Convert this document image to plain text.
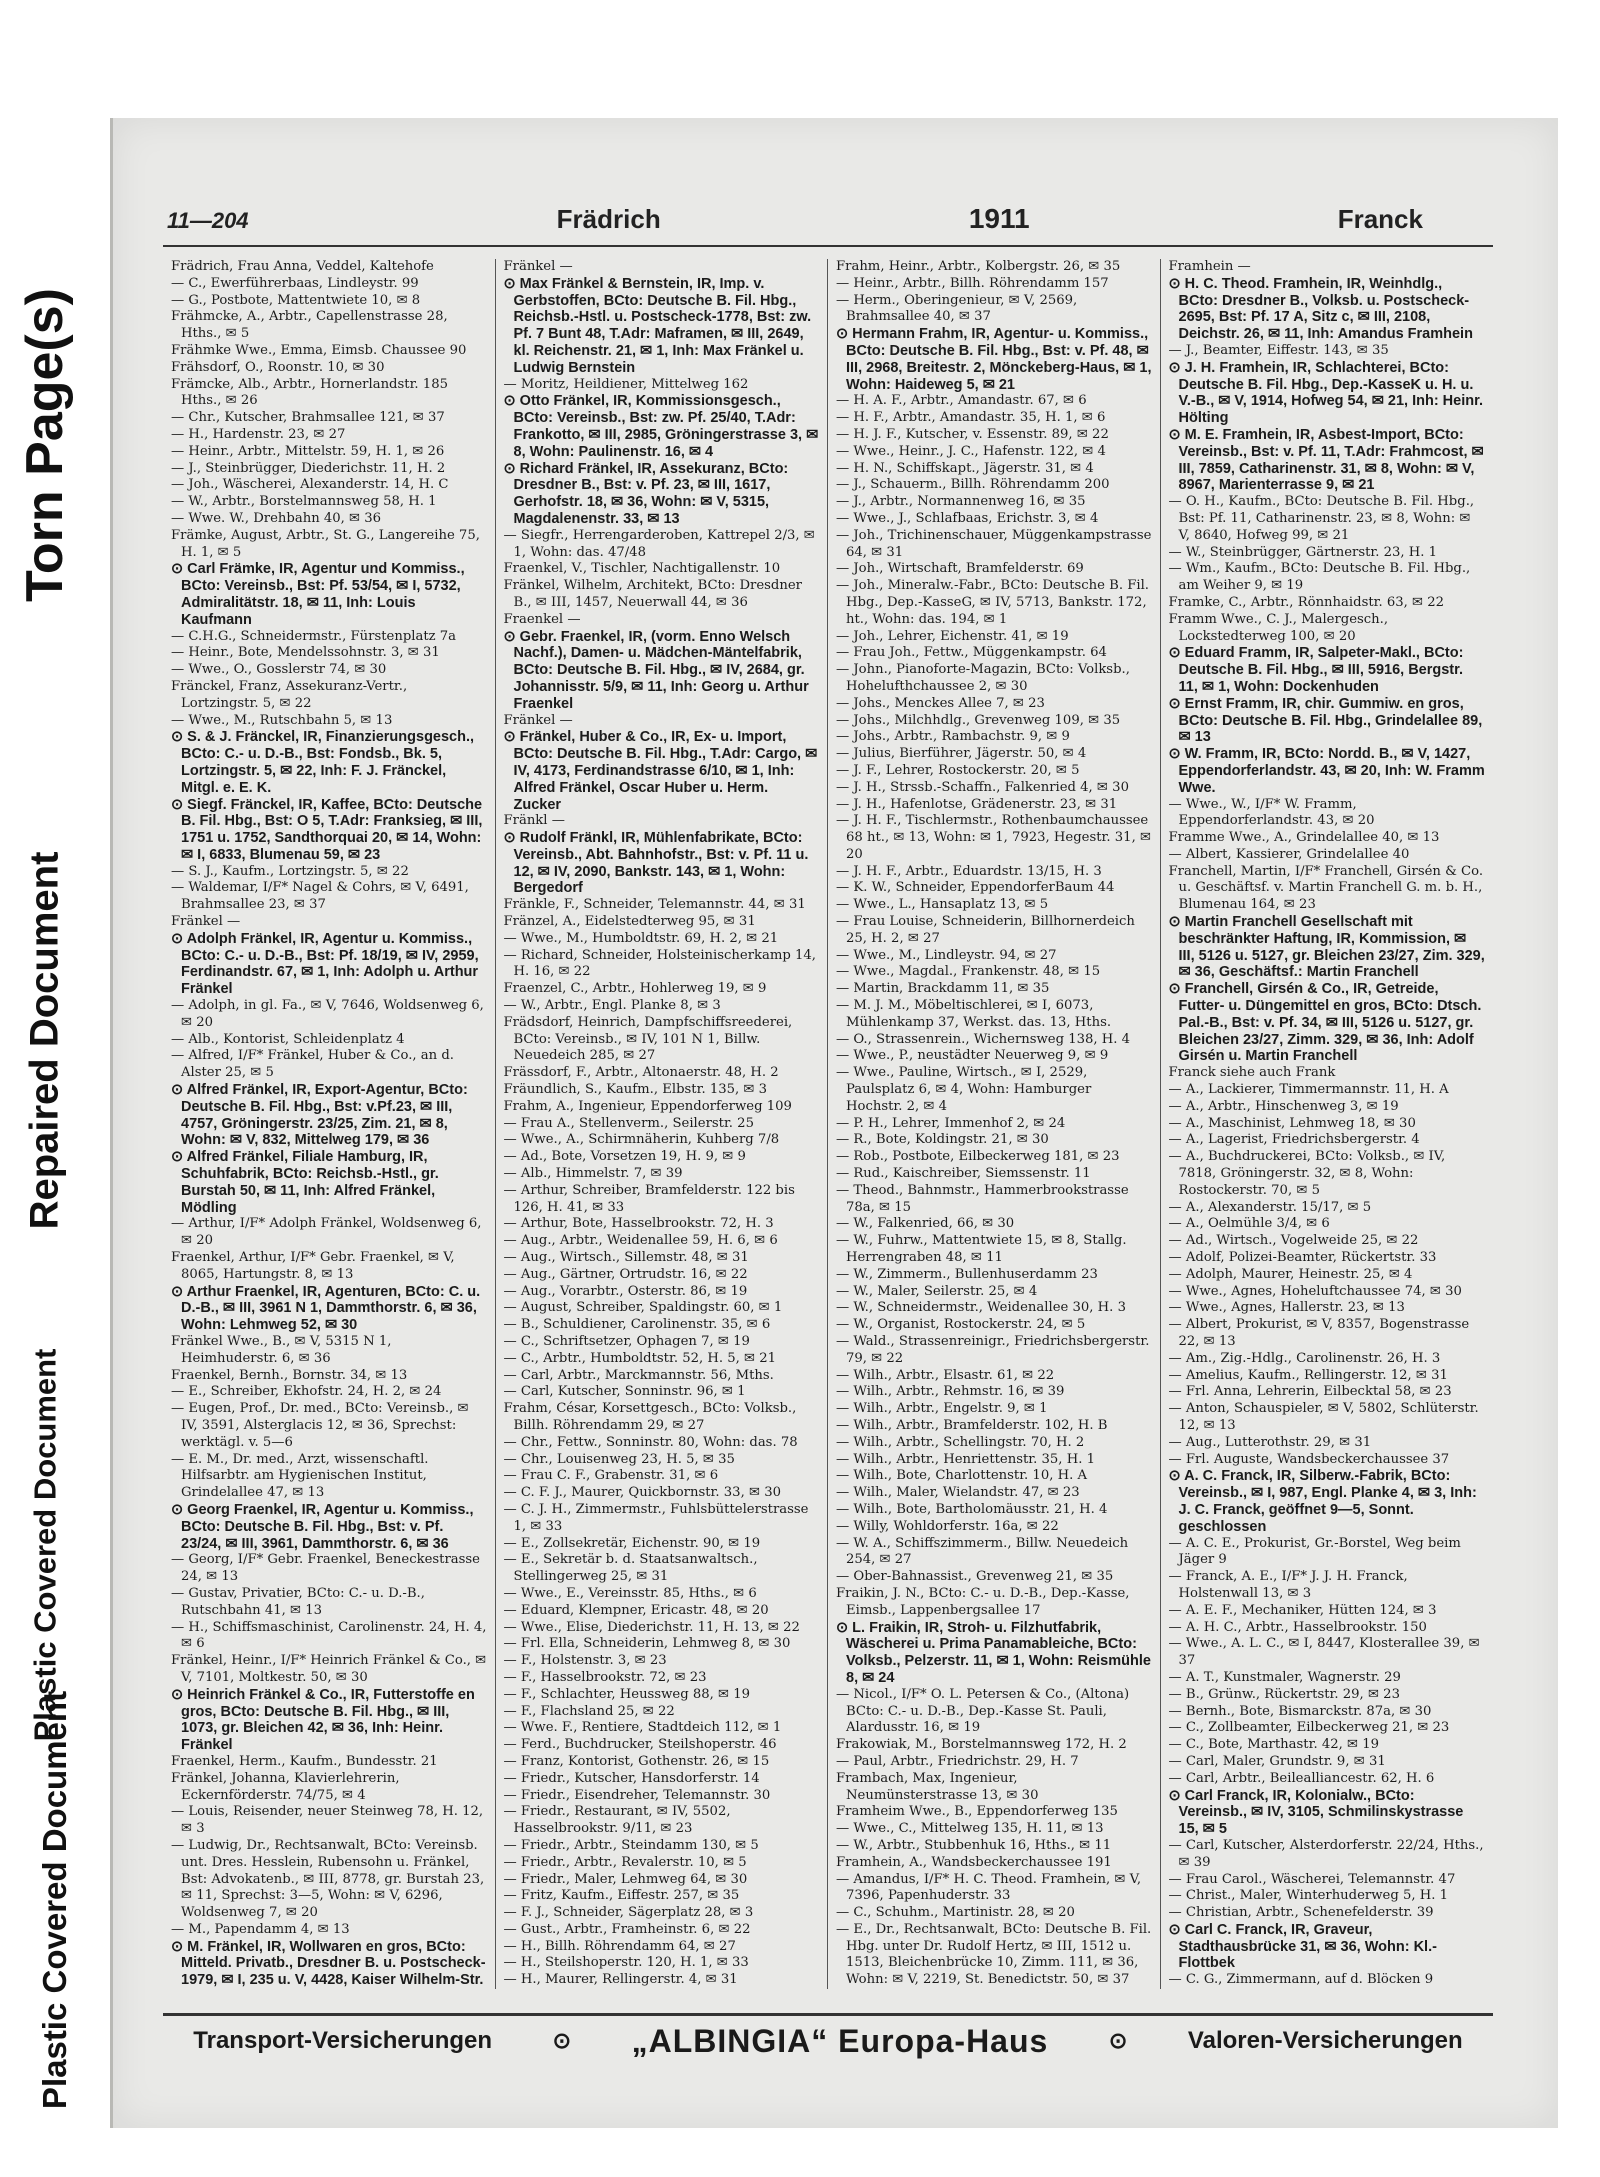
Torn Page(s)
Repaired Document
Plastic Covered Document
Plastic Covered Document
11—204	Frädrich	1911	Franck
Frädrich, Frau Anna, Veddel, Kaltehofe
— C., Ewerführerbaas, Lindleystr. 99
— G., Postbote, Mattentwiete 10, ✉ 8
Frähmcke, A., Arbtr., Capellenstrasse 28, Hths., ✉ 5
Frähmke Wwe., Emma, Eimsb. Chaussee 90
Frähsdorf, O., Roonstr. 10, ✉ 30
Främcke, Alb., Arbtr., Hornerlandstr. 185 Hths., ✉ 26
— Chr., Kutscher, Brahmsallee 121, ✉ 37
— H., Hardenstr. 23, ✉ 27
— Heinr., Arbtr., Mittelstr. 59, H. 1, ✉ 26
— J., Steinbrügger, Diederichstr. 11, H. 2
— Joh., Wäscherei, Alexanderstr. 14, H. C
— W., Arbtr., Borstelmannsweg 58, H. 1
— Wwe. W., Drehbahn 40, ✉ 36
Främke, August, Arbtr., St. G., Langereihe 75, H. 1, ✉ 5
⊙ Carl Främke, IR, Agentur und Kommiss., BCto: Vereinsb., Bst: Pf. 53/54, ✉ I, 5732, Admiralitätstr. 18, ✉ 11, Inh: Louis Kaufmann
— C.H.G., Schneidermstr., Fürstenplatz 7a
— Heinr., Bote, Mendelssohnstr. 3, ✉ 31
— Wwe., O., Gosslerstr 74, ✉ 30
Fränckel, Franz, Assekuranz-Vertr., Lortzingstr. 5, ✉ 22
— Wwe., M., Rutschbahn 5, ✉ 13
⊙ S. & J. Fränckel, IR, Finanzierungsgesch., BCto: C.- u. D.-B., Bst: Fondsb., Bk. 5, Lortzingstr. 5, ✉ 22, Inh: F. J. Fränckel, Mitgl. e. E. K.
⊙ Siegf. Fränckel, IR, Kaffee, BCto: Deutsche B. Fil. Hbg., Bst: O 5, T.Adr: Franksieg, ✉ III, 1751 u. 1752, Sandthorquai 20, ✉ 14, Wohn: ✉ I, 6833, Blumenau 59, ✉ 23
— S. J., Kaufm., Lortzingstr. 5, ✉ 22
— Waldemar, I/F* Nagel & Cohrs, ✉ V, 6491, Brahmsallee 23, ✉ 37
Fränkel —
⊙ Adolph Fränkel, IR, Agentur u. Kommiss., BCto: C.- u. D.-B., Bst: Pf. 18/19, ✉ IV, 2959, Ferdinandstr. 67, ✉ 1, Inh: Adolph u. Arthur Fränkel
— Adolph, in gl. Fa., ✉ V, 7646, Woldsenweg 6, ✉ 20
— Alb., Kontorist, Schleidenplatz 4
— Alfred, I/F* Fränkel, Huber & Co., an d. Alster 25, ✉ 5
⊙ Alfred Fränkel, IR, Export-Agentur, BCto: Deutsche B. Fil. Hbg., Bst: v.Pf.23, ✉ III, 4757, Gröningerstr. 23/25, Zim. 21, ✉ 8, Wohn: ✉ V, 832, Mittelweg 179, ✉ 36
⊙ Alfred Fränkel, Filiale Hamburg, IR, Schuhfabrik, BCto: Reichsb.-Hstl., gr. Burstah 50, ✉ 11, Inh: Alfred Fränkel, Mödling
— Arthur, I/F* Adolph Fränkel, Woldsenweg 6, ✉ 20
Fraenkel, Arthur, I/F* Gebr. Fraenkel, ✉ V, 8065, Hartungstr. 8, ✉ 13
⊙ Arthur Fraenkel, IR, Agenturen, BCto: C. u. D.-B., ✉ III, 3961 N 1, Dammthorstr. 6, ✉ 36, Wohn: Lehmweg 52, ✉ 30
Fränkel Wwe., B., ✉ V, 5315 N 1, Heimhuderstr. 6, ✉ 36
Fraenkel, Bernh., Bornstr. 34, ✉ 13
— E., Schreiber, Ekhofstr. 24, H. 2, ✉ 24
— Eugen, Prof., Dr. med., BCto: Vereinsb., ✉ IV, 3591, Alsterglacis 12, ✉ 36, Sprechst: werktägl. v. 5—6
— E. M., Dr. med., Arzt, wissenschaftl. Hilfsarbtr. am Hygienischen Institut, Grindelallee 47, ✉ 13
⊙ Georg Fraenkel, IR, Agentur u. Kommiss., BCto: Deutsche B. Fil. Hbg., Bst: v. Pf. 23/24, ✉ III, 3961, Dammthorstr. 6, ✉ 36
— Georg, I/F* Gebr. Fraenkel, Beneckestrasse 24, ✉ 13
— Gustav, Privatier, BCto: C.- u. D.-B., Rutschbahn 41, ✉ 13
— H., Schiffsmaschinist, Carolinenstr. 24, H. 4, ✉ 6
Fränkel, Heinr., I/F* Heinrich Fränkel & Co., ✉ V, 7101, Moltkestr. 50, ✉ 30
⊙ Heinrich Fränkel & Co., IR, Futterstoffe en gros, BCto: Deutsche B. Fil. Hbg., ✉ III, 1073, gr. Bleichen 42, ✉ 36, Inh: Heinr. Fränkel
Fraenkel, Herm., Kaufm., Bundesstr. 21
Fränkel, Johanna, Klavierlehrerin, Eckernförderstr. 74/75, ✉ 4
— Louis, Reisender, neuer Steinweg 78, H. 12, ✉ 3
— Ludwig, Dr., Rechtsanwalt, BCto: Vereinsb. unt. Dres. Hesslein, Rubensohn u. Fränkel, Bst: Advokatenb., ✉ III, 8778, gr. Burstah 23, ✉ 11, Sprechst: 3—5, Wohn: ✉ V, 6296, Woldsenweg 7, ✉ 20
— M., Papendamm 4, ✉ 13
⊙ M. Fränkel, IR, Wollwaren en gros, BCto: Mitteld. Privatb., Dresdner B. u. Postscheck-1979, ✉ I, 235 u. V, 4428, Kaiser Wilhelm-Str.
Fränkel —
⊙ Max Fränkel & Bernstein, IR, Imp. v. Gerbstoffen, BCto: Deutsche B. Fil. Hbg., Reichsb.-Hstl. u. Postscheck-1778, Bst: zw. Pf. 7 Bunt 48, T.Adr: Maframen, ✉ III, 2649, kl. Reichenstr. 21, ✉ 1, Inh: Max Fränkel u. Ludwig Bernstein
— Moritz, Heildiener, Mittelweg 162
⊙ Otto Fränkel, IR, Kommissionsgesch., BCto: Vereinsb., Bst: zw. Pf. 25/40, T.Adr: Frankotto, ✉ III, 2985, Gröningerstrasse 3, ✉ 8, Wohn: Paulinenstr. 16, ✉ 4
⊙ Richard Fränkel, IR, Assekuranz, BCto: Dresdner B., Bst: v. Pf. 23, ✉ III, 1617, Gerhofstr. 18, ✉ 36, Wohn: ✉ V, 5315, Magdalenenstr. 33, ✉ 13
— Siegfr., Herrengarderoben, Kattrepel 2/3, ✉ 1, Wohn: das. 47/48
Fraenkel, V., Tischler, Nachtigallenstr. 10
Fränkel, Wilhelm, Architekt, BCto: Dresdner B., ✉ III, 1457, Neuerwall 44, ✉ 36
Fraenkel —
⊙ Gebr. Fraenkel, IR, (vorm. Enno Welsch Nachf.), Damen- u. Mädchen-Mäntelfabrik, BCto: Deutsche B. Fil. Hbg., ✉ IV, 2684, gr. Johannisstr. 5/9, ✉ 11, Inh: Georg u. Arthur Fraenkel
Fränkel —
⊙ Fränkel, Huber & Co., IR, Ex- u. Import, BCto: Deutsche B. Fil. Hbg., T.Adr: Cargo, ✉ IV, 4173, Ferdinandstrasse 6/10, ✉ 1, Inh: Alfred Fränkel, Oscar Huber u. Herm. Zucker
Fränkl —
⊙ Rudolf Fränkl, IR, Mühlenfabrikate, BCto: Vereinsb., Abt. Bahnhofstr., Bst: v. Pf. 11 u. 12, ✉ IV, 2090, Bankstr. 143, ✉ 1, Wohn: Bergedorf
Fränkle, F., Schneider, Telemannstr. 44, ✉ 31
Fränzel, A., Eidelstedterweg 95, ✉ 31
— Wwe., M., Humboldtstr. 69, H. 2, ✉ 21
— Richard, Schneider, Holsteinischerkamp 14, H. 16, ✉ 22
Fraenzel, C., Arbtr., Hohlerweg 19, ✉ 9
— W., Arbtr., Engl. Planke 8, ✉ 3
Frädsdorf, Heinrich, Dampfschiffsreederei, BCto: Vereinsb., ✉ IV, 101 N 1, Billw. Neuedeich 285, ✉ 27
Frässdorf, F., Arbtr., Altonaerstr. 48, H. 2
Fräundlich, S., Kaufm., Elbstr. 135, ✉ 3
Frahm, A., Ingenieur, Eppendorferweg 109
— Frau A., Stellenverm., Seilerstr. 25
— Wwe., A., Schirmnäherin, Kuhberg 7/8
— Ad., Bote, Vorsetzen 19, H. 9, ✉ 9
— Alb., Himmelstr. 7, ✉ 39
— Arthur, Schreiber, Bramfelderstr. 122 bis 126, H. 41, ✉ 33
— Arthur, Bote, Hasselbrookstr. 72, H. 3
— Aug., Arbtr., Weidenallee 59, H. 6, ✉ 6
— Aug., Wirtsch., Sillemstr. 48, ✉ 31
— Aug., Gärtner, Ortrudstr. 16, ✉ 22
— Aug., Vorarbtr., Osterstr. 86, ✉ 19
— August, Schreiber, Spaldingstr. 60, ✉ 1
— B., Schuldiener, Carolinenstr. 35, ✉ 6
— C., Schriftsetzer, Ophagen 7, ✉ 19
— C., Arbtr., Humboldtstr. 52, H. 5, ✉ 21
— Carl, Arbtr., Marckmannstr. 56, Mths.
— Carl, Kutscher, Sonninstr. 96, ✉ 1
Frahm, César, Korsettgesch., BCto: Volksb., Billh. Röhrendamm 29, ✉ 27
— Chr., Fettw., Sonninstr. 80, Wohn: das. 78
— Chr., Louisenweg 23, H. 5, ✉ 35
— Frau C. F., Grabenstr. 31, ✉ 6
— C. F. J., Maurer, Quickbornstr. 33, ✉ 30
— C. J. H., Zimmermstr., Fuhlsbüttelerstrasse 1, ✉ 33
— E., Zollsekretär, Eichenstr. 90, ✉ 19
— E., Sekretär b. d. Staatsanwaltsch., Stellingerweg 25, ✉ 31
— Wwe., E., Vereinsstr. 85, Hths., ✉ 6
— Eduard, Klempner, Ericastr. 48, ✉ 20
— Wwe., Elise, Diederichstr. 11, H. 13, ✉ 22
— Frl. Ella, Schneiderin, Lehmweg 8, ✉ 30
— F., Holstenstr. 3, ✉ 23
— F., Hasselbrookstr. 72, ✉ 23
— F., Schlachter, Heussweg 88, ✉ 19
— F., Flachsland 25, ✉ 22
— Wwe. F., Rentiere, Stadtdeich 112, ✉ 1
— Ferd., Buchdrucker, Steilshoperstr. 46
— Franz, Kontorist, Gothenstr. 26, ✉ 15
— Friedr., Kutscher, Hansdorferstr. 14
— Friedr., Eisendreher, Telemannstr. 30
— Friedr., Restaurant, ✉ IV, 5502, Hasselbrookstr. 9/11, ✉ 23
— Friedr., Arbtr., Steindamm 130, ✉ 5
— Friedr., Arbtr., Revalerstr. 10, ✉ 5
— Friedr., Maler, Lehmweg 64, ✉ 30
— Fritz, Kaufm., Eiffestr. 257, ✉ 35
— F. J., Schneider, Sägerplatz 28, ✉ 3
— Gust., Arbtr., Framheinstr. 6, ✉ 22
— H., Billh. Röhrendamm 64, ✉ 27
— H., Steilshoperstr. 120, H. 1, ✉ 33
— H., Maurer, Rellingerstr. 4, ✉ 31
Frahm, Heinr., Arbtr., Kolbergstr. 26, ✉ 35
— Heinr., Arbtr., Billh. Röhrendamm 157
— Herm., Oberingenieur, ✉ V, 2569, Brahmsallee 40, ✉ 37
⊙ Hermann Frahm, IR, Agentur- u. Kommiss., BCto: Deutsche B. Fil. Hbg., Bst: v. Pf. 48, ✉ III, 2968, Breitestr. 2, Mönckeberg-Haus, ✉ 1, Wohn: Haideweg 5, ✉ 21
— H. A. F., Arbtr., Amandastr. 67, ✉ 6
— H. F., Arbtr., Amandastr. 35, H. 1, ✉ 6
— H. J. F., Kutscher, v. Essenstr. 89, ✉ 22
— Wwe., Heinr., J. C., Hafenstr. 122, ✉ 4
— H. N., Schiffskapt., Jägerstr. 31, ✉ 4
— J., Schauerm., Billh. Röhrendamm 200
— J., Arbtr., Normannenweg 16, ✉ 35
— Wwe., J., Schlafbaas, Erichstr. 3, ✉ 4
— Joh., Trichinenschauer, Müggenkampstrasse 64, ✉ 31
— Joh., Wirtschaft, Bramfelderstr. 69
— Joh., Mineralw.-Fabr., BCto: Deutsche B. Fil. Hbg., Dep.-KasseG, ✉ IV, 5713, Bankstr. 172, ht., Wohn: das. 194, ✉ 1
— Joh., Lehrer, Eichenstr. 41, ✉ 19
— Frau Joh., Fettw., Müggenkampstr. 64
— John., Pianoforte-Magazin, BCto: Volksb., Hohelufthchaussee 2, ✉ 30
— Johs., Menckes Allee 7, ✉ 23
— Johs., Milchhdlg., Grevenweg 109, ✉ 35
— Johs., Arbtr., Rambachstr. 9, ✉ 9
— Julius, Bierführer, Jägerstr. 50, ✉ 4
— J. F., Lehrer, Rostockerstr. 20, ✉ 5
— J. H., Strssb.-Schaffn., Falkenried 4, ✉ 30
— J. H., Hafenlotse, Grädenerstr. 23, ✉ 31
— J. H. F., Tischlermstr., Rothenbaumchaussee 68 ht., ✉ 13, Wohn: ✉ 1, 7923, Hegestr. 31, ✉ 20
— J. H. F., Arbtr., Eduardstr. 13/15, H. 3
— K. W., Schneider, EppendorferBaum 44
— Wwe., L., Hansaplatz 13, ✉ 5
— Frau Louise, Schneiderin, Billhornerdeich 25, H. 2, ✉ 27
— Wwe., M., Lindleystr. 94, ✉ 27
— Wwe., Magdal., Frankenstr. 48, ✉ 15
— Martin, Brackdamm 11, ✉ 35
— M. J. M., Möbeltischlerei, ✉ I, 6073, Mühlenkamp 37, Werkst. das. 13, Hths.
— O., Strassenrein., Wichernsweg 138, H. 4
— Wwe., P., neustädter Neuerweg 9, ✉ 9
— Wwe., Pauline, Wirtsch., ✉ I, 2529, Paulsplatz 6, ✉ 4, Wohn: Hamburger Hochstr. 2, ✉ 4
— P. H., Lehrer, Immenhof 2, ✉ 24
— R., Bote, Koldingstr. 21, ✉ 30
— Rob., Postbote, Eilbeckerweg 181, ✉ 23
— Rud., Kaischreiber, Siemssenstr. 11
— Theod., Bahnmstr., Hammerbrookstrasse 78a, ✉ 15
— W., Falkenried, 66, ✉ 30
— W., Fuhrw., Mattentwiete 15, ✉ 8, Stallg. Herrengraben 48, ✉ 11
— W., Zimmerm., Bullenhuserdamm 23
— W., Maler, Seilerstr. 25, ✉ 4
— W., Schneidermstr., Weidenallee 30, H. 3
— W., Organist, Rostockerstr. 24, ✉ 5
— Wald., Strassenreinigr., Friedrichsbergerstr. 79, ✉ 22
— Wilh., Arbtr., Elsastr. 61, ✉ 22
— Wilh., Arbtr., Rehmstr. 16, ✉ 39
— Wilh., Arbtr., Engelstr. 9, ✉ 1
— Wilh., Arbtr., Bramfelderstr. 102, H. B
— Wilh., Arbtr., Schellingstr. 70, H. 2
— Wilh., Arbtr., Henriettenstr. 35, H. 1
— Wilh., Bote, Charlottenstr. 10, H. A
— Wilh., Maler, Wielandstr. 47, ✉ 23
— Wilh., Bote, Bartholomäusstr. 21, H. 4
— Willy, Wohldorferstr. 16a, ✉ 22
— W. A., Schiffszimmerm., Billw. Neuedeich 254, ✉ 27
— Ober-Bahnassist., Grevenweg 21, ✉ 35
Fraikin, J. N., BCto: C.- u. D.-B., Dep.-Kasse, Eimsb., Lappenbergsallee 17
⊙ L. Fraikin, IR, Stroh- u. Filzhutfabrik, Wäscherei u. Prima Panamableiche, BCto: Volksb., Pelzerstr. 11, ✉ 1, Wohn: Reismühle 8, ✉ 24
— Nicol., I/F* O. L. Petersen & Co., (Altona) BCto: C.- u. D.-B., Dep.-Kasse St. Pauli, Alardusstr. 16, ✉ 19
Frakowiak, M., Borstelmannsweg 172, H. 2
— Paul, Arbtr., Friedrichstr. 29, H. 7
Frambach, Max, Ingenieur, Neumünsterstrasse 13, ✉ 30
Framheim Wwe., B., Eppendorferweg 135
— Wwe., C., Mittelweg 135, H. 11, ✉ 13
— W., Arbtr., Stubbenhuk 16, Hths., ✉ 11
Framhein, A., Wandsbeckerchaussee 191
— Amandus, I/F* H. C. Theod. Framhein, ✉ V, 7396, Papenhuderstr. 33
— C., Schuhm., Martinistr. 28, ✉ 20
— E., Dr., Rechtsanwalt, BCto: Deutsche B. Fil. Hbg. unter Dr. Rudolf Hertz, ✉ III, 1512 u. 1513, Bleichenbrücke 10, Zimm. 111, ✉ 36, Wohn: ✉ V, 2219, St. Benedictstr. 50, ✉ 37
Framhein —
⊙ H. C. Theod. Framhein, IR, Weinhdlg., BCto: Dresdner B., Volksb. u. Postscheck-2695, Bst: Pf. 17 A, Sitz c, ✉ III, 2108, Deichstr. 26, ✉ 11, Inh: Amandus Framhein
— J., Beamter, Eiffestr. 143, ✉ 35
⊙ J. H. Framhein, IR, Schlachterei, BCto: Deutsche B. Fil. Hbg., Dep.-KasseK u. H. u. V.-B., ✉ V, 1914, Hofweg 54, ✉ 21, Inh: Heinr. Hölting
⊙ M. E. Framhein, IR, Asbest-Import, BCto: Vereinsb., Bst: v. Pf. 11, T.Adr: Frahmcost, ✉ III, 7859, Catharinenstr. 31, ✉ 8, Wohn: ✉ V, 8967, Marienterrasse 9, ✉ 21
— O. H., Kaufm., BCto: Deutsche B. Fil. Hbg., Bst: Pf. 11, Catharinenstr. 23, ✉ 8, Wohn: ✉ V, 8640, Hofweg 99, ✉ 21
— W., Steinbrügger, Gärtnerstr. 23, H. 1
— Wm., Kaufm., BCto: Deutsche B. Fil. Hbg., am Weiher 9, ✉ 19
Framke, C., Arbtr., Rönnhaidstr. 63, ✉ 22
Framm Wwe., C. J., Malergesch., Lockstedterweg 100, ✉ 20
⊙ Eduard Framm, IR, Salpeter-Makl., BCto: Deutsche B. Fil. Hbg., ✉ III, 5916, Bergstr. 11, ✉ 1, Wohn: Dockenhuden
⊙ Ernst Framm, IR, chir. Gummiw. en gros, BCto: Deutsche B. Fil. Hbg., Grindelallee 89, ✉ 13
⊙ W. Framm, IR, BCto: Nordd. B., ✉ V, 1427, Eppendorferlandstr. 43, ✉ 20, Inh: W. Framm Wwe.
— Wwe., W., I/F* W. Framm, Eppendorferlandstr. 43, ✉ 20
Framme Wwe., A., Grindelallee 40, ✉ 13
— Albert, Kassierer, Grindelallee 40
Franchell, Martin, I/F* Franchell, Girsén & Co. u. Geschäftsf. v. Martin Franchell G. m. b. H., Blumenau 164, ✉ 23
⊙ Martin Franchell Gesellschaft mit beschränkter Haftung, IR, Kommission, ✉ III, 5126 u. 5127, gr. Bleichen 23/27, Zim. 329, ✉ 36, Geschäftsf.: Martin Franchell
⊙ Franchell, Girsén & Co., IR, Getreide, Futter- u. Düngemittel en gros, BCto: Dtsch. Pal.-B., Bst: v. Pf. 34, ✉ III, 5126 u. 5127, gr. Bleichen 23/27, Zimm. 329, ✉ 36, Inh: Adolf Girsén u. Martin Franchell
Franck siehe auch Frank
— A., Lackierer, Timmermannstr. 11, H. A
— A., Arbtr., Hinschenweg 3, ✉ 19
— A., Maschinist, Lehmweg 18, ✉ 30
— A., Lagerist, Friedrichsbergerstr. 4
— A., Buchdruckerei, BCto: Volksb., ✉ IV, 7818, Gröningerstr. 32, ✉ 8, Wohn: Rostockerstr. 70, ✉ 5
— A., Alexanderstr. 15/17, ✉ 5
— A., Oelmühle 3/4, ✉ 6
— Ad., Wirtsch., Vogelweide 25, ✉ 22
— Adolf, Polizei-Beamter, Rückertstr. 33
— Adolph, Maurer, Heinestr. 25, ✉ 4
— Wwe., Agnes, Hoheluftchaussee 74, ✉ 30
— Wwe., Agnes, Hallerstr. 23, ✉ 13
— Albert, Prokurist, ✉ V, 8357, Bogenstrasse 22, ✉ 13
— Am., Zig.-Hdlg., Carolinenstr. 26, H. 3
— Amelius, Kaufm., Rellingerstr. 12, ✉ 31
— Frl. Anna, Lehrerin, Eilbecktal 58, ✉ 23
— Anton, Schauspieler, ✉ V, 5802, Schlüterstr. 12, ✉ 13
— Aug., Lutterothstr. 29, ✉ 31
— Frl. Auguste, Wandsbeckerchaussee 37
⊙ A. C. Franck, IR, Silberw.-Fabrik, BCto: Vereinsb., ✉ I, 987, Engl. Planke 4, ✉ 3, Inh: J. C. Franck, geöffnet 9—5, Sonnt. geschlossen
— A. C. E., Prokurist, Gr.-Borstel, Weg beim Jäger 9
— Franck, A. E., I/F* J. J. H. Franck, Holstenwall 13, ✉ 3
— A. E. F., Mechaniker, Hütten 124, ✉ 3
— A. H. C., Arbtr., Hasselbrookstr. 150
— Wwe., A. L. C., ✉ I, 8447, Klosterallee 39, ✉ 37
— A. T., Kunstmaler, Wagnerstr. 29
— B., Grünw., Rückertstr. 29, ✉ 23
— Bernh., Bote, Bismarckstr. 87a, ✉ 30
— C., Zollbeamter, Eilbeckerweg 21, ✉ 23
— C., Bote, Marthastr. 42, ✉ 19
— Carl, Maler, Grundstr. 9, ✉ 31
— Carl, Arbtr., Beilealliancestr. 62, H. 6
⊙ Carl Franck, IR, Kolonialw., BCto: Vereinsb., ✉ IV, 3105, Schmilinskystrasse 15, ✉ 5
— Carl, Kutscher, Alsterdorferstr. 22/24, Hths., ✉ 39
— Frau Carol., Wäscherei, Telemannstr. 47
— Christ., Maler, Winterhuderweg 5, H. 1
— Christian, Arbtr., Schenefelderstr. 39
⊙ Carl C. Franck, IR, Graveur, Stadthausbrücke 31, ✉ 36, Wohn: Kl.-Flottbek
— C. G., Zimmermann, auf d. Blöcken 9
Transport-Versicherungen	⊙ „ALBINGIA“ Europa-Haus	⊙	Valoren-Versicherungen
